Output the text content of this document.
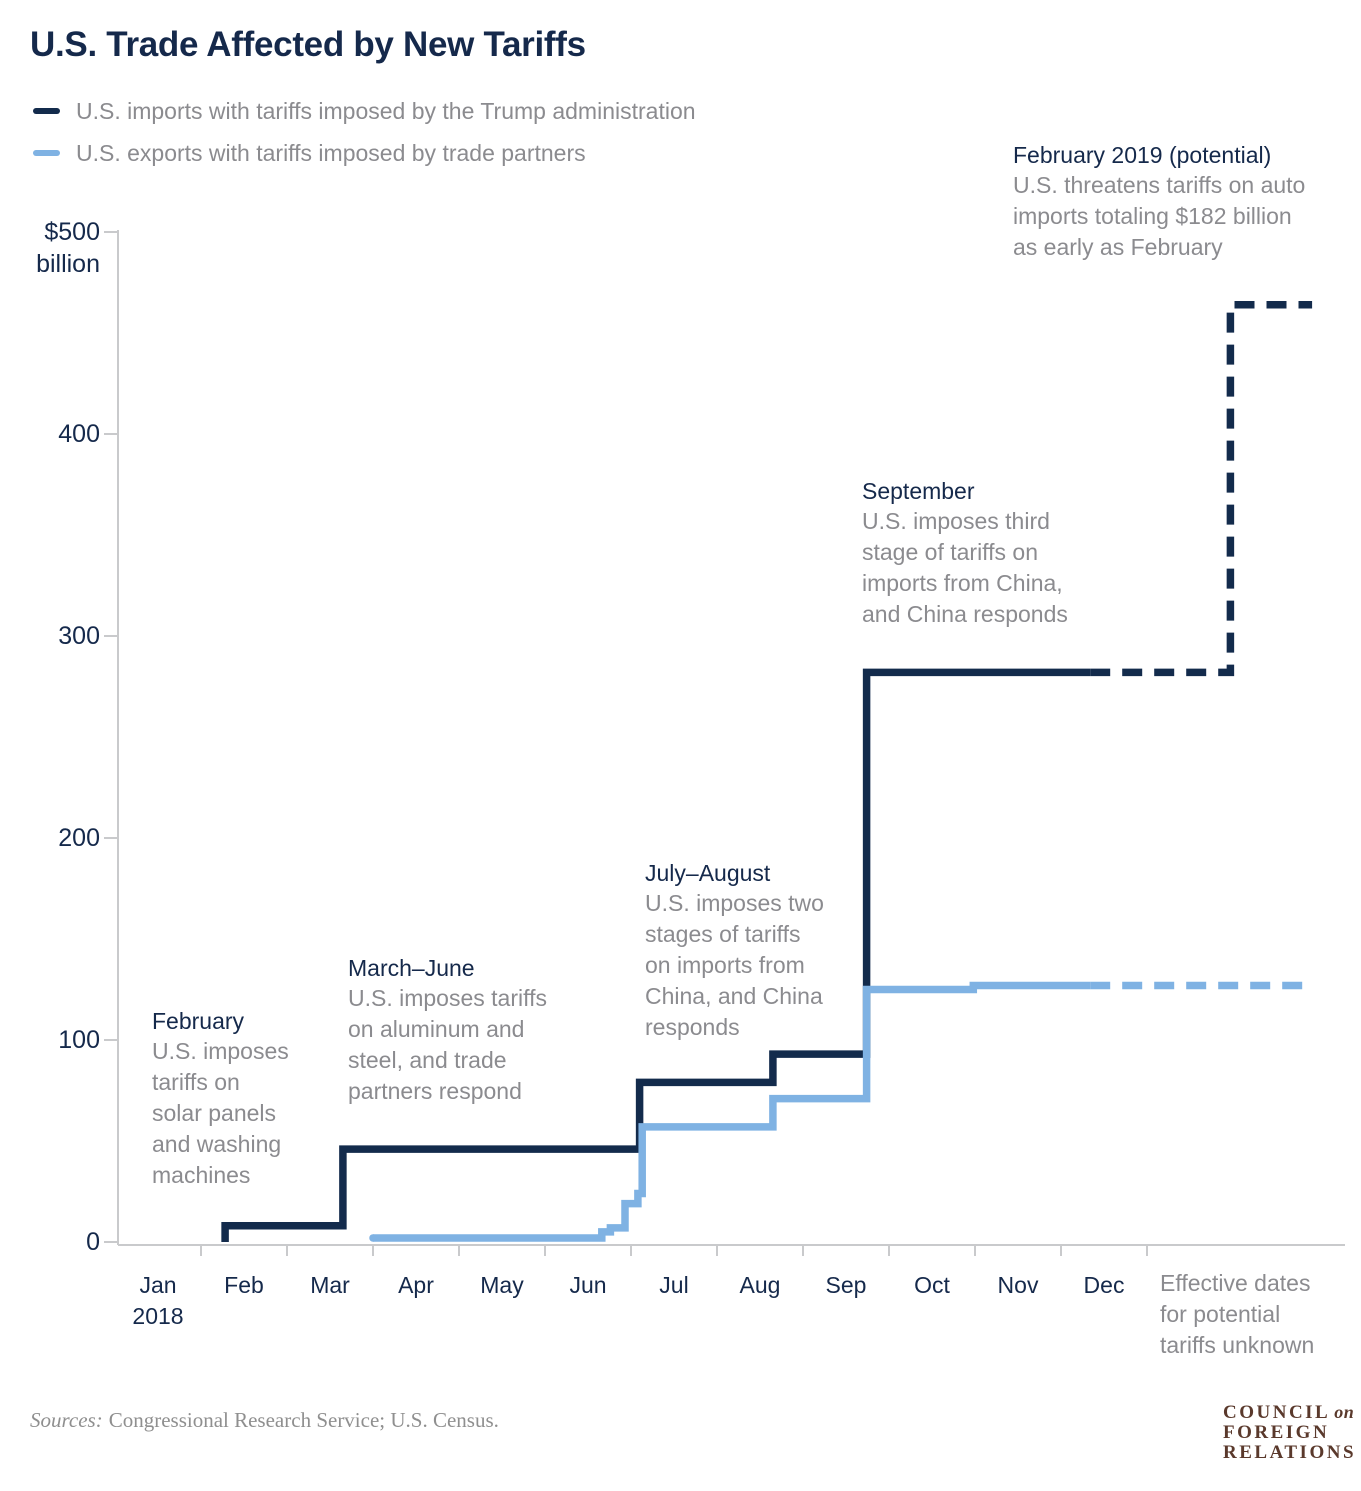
U.S. Trade Affected by New Tariffs
U.S. imports with tariffs imposed by the Trump administration
U.S. exports with tariffs imposed by trade partners
February
U.S. imposes
tariffs on
solar panels
and washing
machines
March–June
U.S. imposes tariffs
on aluminum and
steel, and trade
partners respond
July–August
U.S. imposes two
stages of tariffs
on imports from
China, and China
responds
September
U.S. imposes third
stage of tariffs on
imports from China,
and China responds
February 2019 (potential)
U.S. threatens tariffs on auto
imports totaling $182 billion
as early as February
$500
billion
400
300
200
100
0
Jan
2018
Feb	Mar	Apr	May	Jun	Jul	Aug	Sep	Oct	Nov	Dec	Effective dates
for potential
tariffs unknown
Sources: Congressional Research Service; U.S. Census.	COUNCIL on
FOREIGN
RELATIONS
